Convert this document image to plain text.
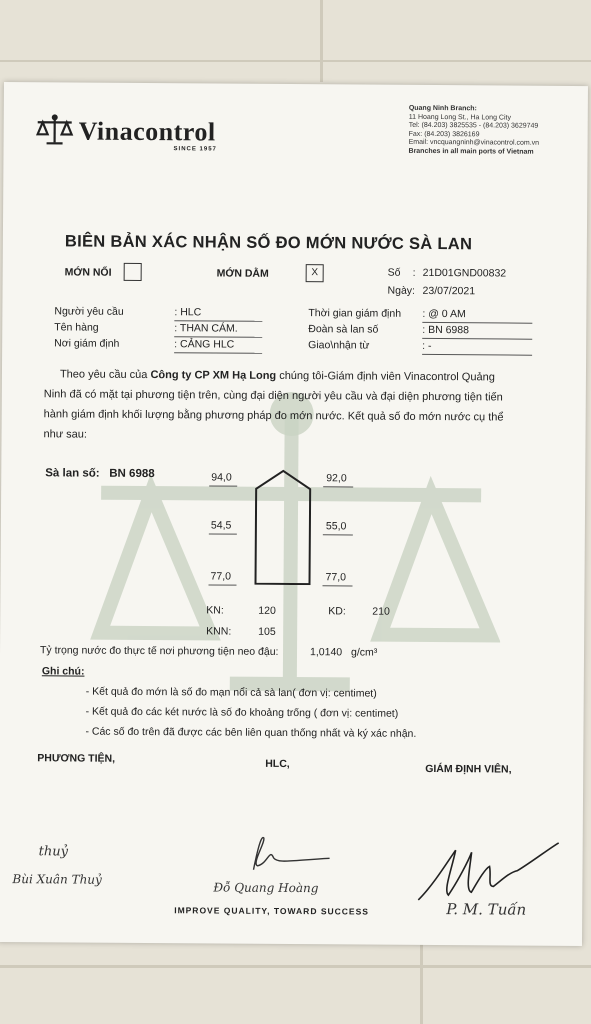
Vinacontrol
SINCE 1957
Quang Ninh Branch:
11 Hoang Long St., Ha Long City
Tel: (84.203) 3825535 - (84.203) 3629749
Fax: (84.203) 3826169
Email: vncquangninh@vinacontrol.com.vn
Branches in all main ports of Vietnam
BIÊN BẢN XÁC NHẬN SỐ ĐO MỚN NƯỚC SÀ LAN
MỚN NỔI	MỚN DẰM	X	Số : 21D01GND00832
Ngày: 23/07/2021
Người yêu cầu	: HLC
Tên hàng	: THAN CÁM.
Nơi giám định	: CẢNG HLC
Thời gian giám định : @ 0 AM
Đoàn sà lan số	: BN 6988
Giao\nhận từ	: -
Theo yêu cầu của Công ty CP XM Hạ Long chúng tôi-Giám định viên Vinacontrol Quảng
Ninh đã có mặt tại phương tiện trên, cùng đại diện người yêu cầu và đại diện phương tiện tiến
hành giám định khối lượng bằng phương pháp đo mớn nước. Kết quả số đo mớn nước cụ thể
như sau:
Sà lan số: BN 6988	94,0	92,0
54,5	55,0
77,0	77,0
KN:	120	KD:	210
KNN:	105
Tỷ trọng nước đo thực tế nơi phương tiện neo đậu:	1,0140 g/cm³
Ghi chú:
- Kết quả đo mớn là số đo mạn nổi cả sà lan( đơn vị: centimet)
- Kết quả đo các két nước là số đo khoảng trống ( đơn vị: centimet)
- Các số đo trên đã được các bên liên quan thống nhất và ký xác nhận.
PHƯƠNG TIỆN,	HLC,	GIÁM ĐỊNH VIÊN,
thuỷ
Bùi Xuân Thuỷ
Đỗ Quang Hoàng
P. M. Tuấn
IMPROVE QUALITY, TOWARD SUCCESS
